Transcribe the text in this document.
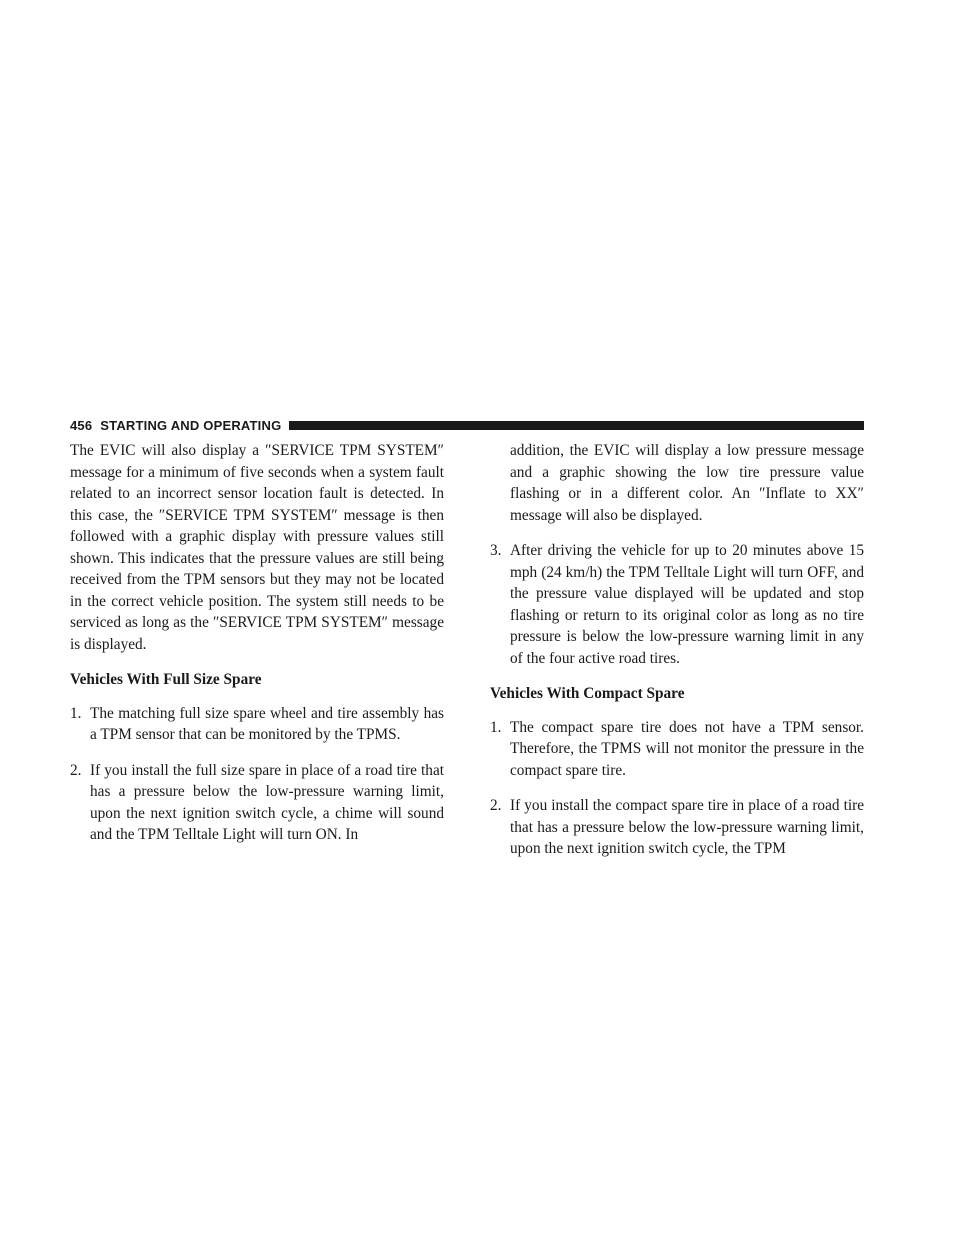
456 STARTING AND OPERATING

The EVIC will also display a ″SERVICE TPM SYSTEM″ message for a minimum of five seconds when a system fault related to an incorrect sensor location fault is detected. In this case, the ″SERVICE TPM SYSTEM″ message is then followed with a graphic display with pressure values still shown. This indicates that the pressure values are still being received from the TPM sensors but they may not be located in the correct vehicle position. The system still needs to be serviced as long as the ″SERVICE TPM SYSTEM″ message is displayed.

Vehicles With Full Size Spare
1. The matching full size spare wheel and tire assembly has a TPM sensor that can be monitored by the TPMS.
2. If you install the full size spare in place of a road tire that has a pressure below the low-pressure warning limit, upon the next ignition switch cycle, a chime will sound and the TPM Telltale Light will turn ON. In
addition, the EVIC will display a low pressure message and a graphic showing the low tire pressure value flashing or in a different color. An ″Inflate to XX″ message will also be displayed.
3. After driving the vehicle for up to 20 minutes above 15 mph (24 km/h) the TPM Telltale Light will turn OFF, and the pressure value displayed will be updated and stop flashing or return to its original color as long as no tire pressure is below the low-pressure warning limit in any of the four active road tires.
Vehicles With Compact Spare
1. The compact spare tire does not have a TPM sensor. Therefore, the TPMS will not monitor the pressure in the compact spare tire.
2. If you install the compact spare tire in place of a road tire that has a pressure below the low-pressure warning limit, upon the next ignition switch cycle, the TPM
